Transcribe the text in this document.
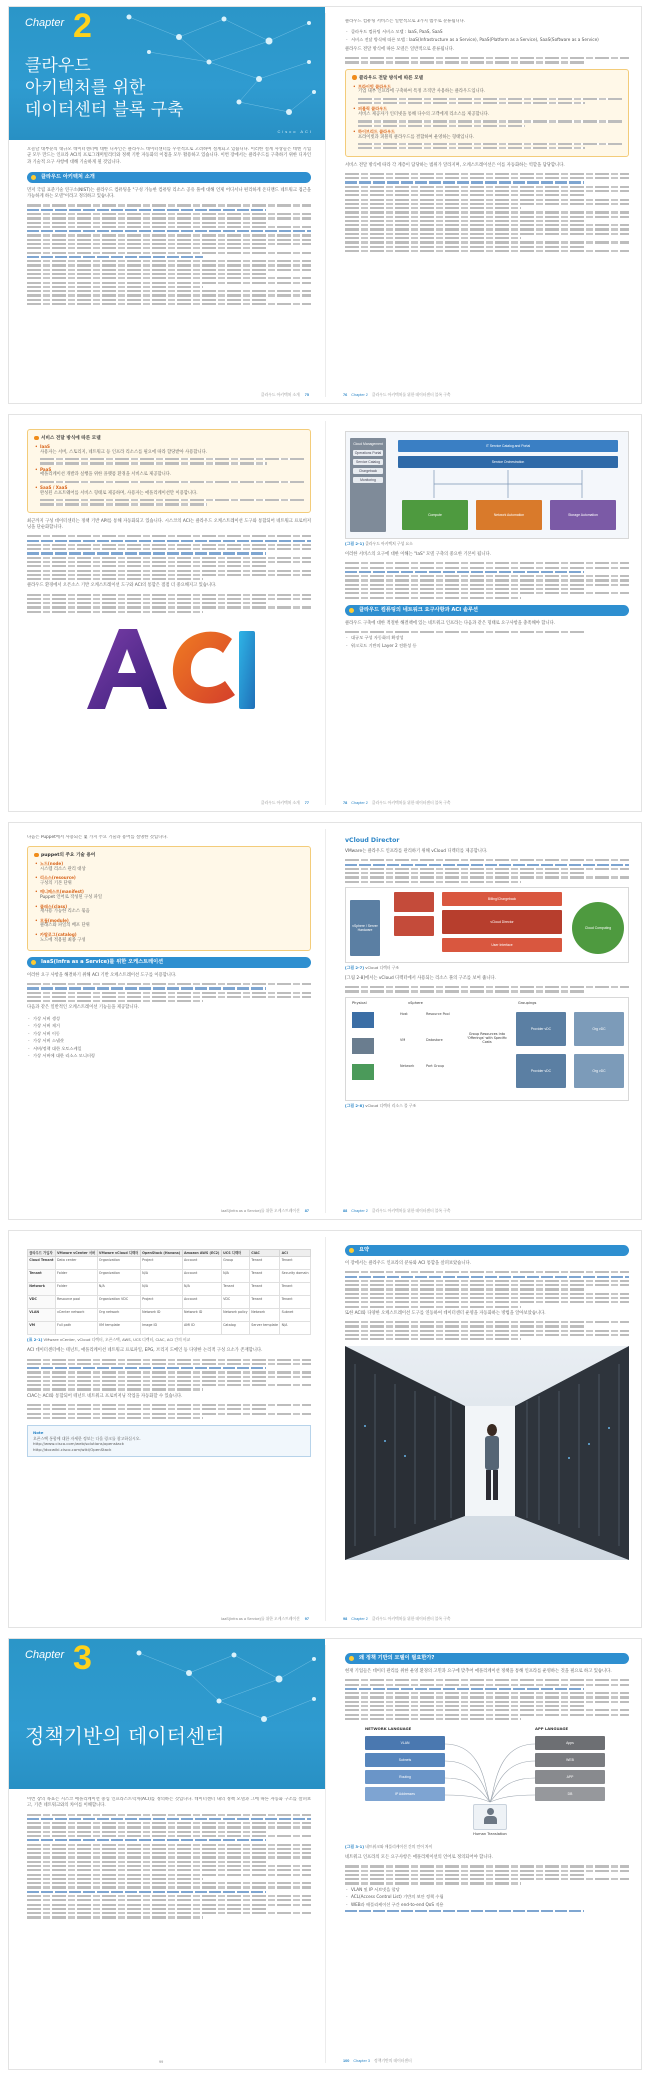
Chapter 2
클라우드
아키텍처를 위한
데이터센터 블록 구축
Cisco ACI
오늘날 대부분의 대규모 데이터센터에 대한 디자인은 클라우드 데이터센터를 우선적으로 고려하여 설계되고 있습니다. 이러한 설계 사상들은 데엔 기업군 모두 만드는 인프라 ACI의 프로그래머빌리티와 정책 기반 자동화의 이점을 모두 활용하고 있습니다. 이번 장에서는 클라우드를 구축하기 위한 디자인과 기술적 요구 사항에 대해 기술하게 될 것입니다.
클라우드 아키텍처 소개
먼저 국립 표준기술 연구소(NIST)는 클라우드 컴퓨팅을 "구성 가능한 컴퓨팅 리소스 공유 풀에 대해 언제 어디서나 편리하게 온디맨드 네트워크 접근을 가능하게 하는 모델"이라고 정의하고 있습니다.
클라우드 아키텍처 소개 75
클라우드 컴퓨팅 서비스는 일반적으로 3가지 범주로 분류됩니다.
- 클라우드 컴퓨팅 서비스 모델 : IaaS, PaaS, SaaS
- 서비스 전달 방식에 따른 모델 : IaaS(Infrastructure as a Service), PaaS(Platform as a Service), SaaS(Software as a Service)
클라우드 전달 방식에 따른 모델은 일반적으로 분류됩니다.
클라우드 전달 방식에 따른 모델
• 프라이빗 클라우드
기업 내부 인프라에 구축하여 특정 조직만 사용하는 클라우드입니다.
• 퍼블릭 클라우드
서비스 제공자가 인터넷을 통해 다수의 고객에게 리소스를 제공합니다.
• 하이브리드 클라우드
프라이빗과 퍼블릭 클라우드를 결합하여 운영하는 형태입니다.
서비스 전달 방식에 따라 각 계층이 담당하는 범위가 달라지며, 오케스트레이션은 이를 자동화하는 역할을 담당합니다.
76 Chapter 2 클라우드 아키텍처를 위한 데이터센터 블록 구축
서비스 전달 방식에 따른 모델
• IaaS
사용자는 서버, 스토리지, 네트워크 등 인프라 리소스를 필요에 따라 할당받아 사용합니다.
• PaaS
애플리케이션 개발과 실행을 위한 플랫폼 환경을 서비스로 제공합니다.
• SaaS / XaaS
완성된 소프트웨어를 서비스 형태로 제공하며, 사용자는 애플리케이션만 이용합니다.
최근까지 구성 데이터센터는 정책 기반 API를 통해 자동화되고 있습니다. 시스코의 ACI는 클라우드 오케스트레이션 도구와 통합되어 네트워크 프로비저닝을 단순화합니다.
클라우드 환경에서 오픈소스 기반 오케스트레이션 도구와 ACI의 통합은 점점 더 중요해지고 있습니다.
클라우드 아키텍처 소개 77
Cloud Management
Operations Portal
Service Catalog
Chargeback
Monitoring
IT Service Catalog and Portal
Service Orchestration
Compute	Network Automation	Storage Automation
[그림 2-1] 클라우드 아키텍처 구성 요소
이러한 서비스의 요구에 대한 이해는 "IaS" 모델 구축의 중요한 기본이 됩니다.
클라우드 컴퓨팅의 네트워크 요구사항과 ACI 솔루션
클라우드 구축에 대한 적절한 해결책에 있는 네트워크 인프라는 다음과 같은 형태로 요구사항을 충족해야 합니다.
- 대규모 구성 자동화의 확장성
- 워크로드 기반의 Layer 2 전환성 등
78 Chapter 2 클라우드 아키텍처를 위한 데이터센터 블록 구축
다음은 Puppet에서 사용되는 몇 가지 주요 기술과 용어를 설명한 것입니다.
puppet의 주요 기술 용어
• 노드(node)
시스템 리소스 관리 대상
• 리소스(resource)
구성의 기본 단위
• 매니페스트(manifest)
Puppet 언어로 작성된 구성 파일
• 클래스(class)
재사용 가능한 리소스 묶음
• 모듈(module)
클래스와 파일의 배포 단위
• 카탈로그(catalog)
노드에 적용될 최종 구성
IaaS(Infra as a Service)를 위한 오케스트레이션
이러한 요구 사항을 해결하기 위해 ACI 기반 오케스트레이션 도구를 이용합니다.
다음과 같은 일반적인 오케스트레이션 기능들을 제공합니다.
- 가상 서버 생성
- 가상 서버 제거
- 가상 서버 이동
- 가상 서버 스냅샷
- 서버/정책 대한 오토스케일
- 가상 서버에 대한 리소스 모니터링
IaaS(Infra as a Service)를 위한 오케스트레이션 87
vCloud Director
VMware는 클라우드 인프라를 관리하기 위해 vCloud 디렉터를 제공합니다.
vSphere / Server Hardware
Billing/Chargeback
vCloud Director
User Interface
Cloud Computing
[그림 2-7] vCloud 디렉터 구조
[그림 2-8]에서는 vCloud 디렉터에서 사용되는 리소스 풀의 구조를 보여 줍니다.
Physical	vSphere	Groupings
Host	Resource Pool
VM	Datastore
Network	Port Group
Group Resources into 'Offerings' with Specific Costs
Provider vDC
Provider vDC
Org vDC
Org vDC
[그림 2-8] vCloud 디렉터 리소스 풀 구조
88 Chapter 2 클라우드 아키텍처를 위한 데이터센터 블록 구축
클라우드 가입자	VMware vCenter 서버	VMware vCloud 디렉터	OpenStack (Havana)	Amazon AWS (EC2)	UCS 디렉터	CIAC	ACI
Cloud Tenant	Data center	Organization	Project	Account	Group	Tenant	Tenant
Tenant	Folder	Organization	N/A	Account	N/A	Tenant	Security domain
Network	Folder	N/A	N/A	N/A	Tenant	Tenant	Tenant
VDC	Resource pool	Organization VDC	Project	Account	VDC	Tenant	Tenant
VLAN	vCenter network	Org network	Network ID	Network ID	Network policy	Network	Subnet
VM	Full path	VM template	Image ID	AMI ID	Catalog	Server template	N/A
[표 2-1] VMware vCenter, vCloud 디렉터, 오픈스택, AWS, UCS 디렉터, CIAC, ACI 간의 비교
ACI 데이터센터에는 테넌트, 애플리케이션 네트워크 프로파일, EPG, 브리지 도메인 등 다양한 논리적 구성 요소가 존재합니다.
CIAC는 ACI와 통합되어 테넌트 네트워크 프로비저닝 작업을 자동화할 수 있습니다.
Note
오픈스택 통합에 대한 자세한 정보는 다음 링크를 참고하십시오.
http://www.cisco.com/web/solutions/openstack
http://docwiki.cisco.com/wiki/OpenStack
IaaS(Infra as a Service)를 위한 오케스트레이션 97
요약
이 장에서는 클라우드 인프라의 분류와 ACI 통합을 살펴보았습니다.
또한 ACI와 다양한 오케스트레이션 도구를 연동하여 데이터센터 운영을 자동화하는 방법을 알아보았습니다.
98 Chapter 2 클라우드 아키텍처를 위한 데이터센터 블록 구축
Chapter 3
정책기반의 데이터센터
이번 장의 목표는 시스코 애플리케이션 중심 인프라스트럭처(ACI)를 정의하는 것입니다. 데이터센터 내의 정책 모델과 그에 따른 자동화 구조를 살펴보고, 기존 네트워크와의 차이를 이해합니다.
99
왜 정책 기반의 모델이 필요한가?
현재 기업들은 데이터 관리를 위한 운영 환경의 고민과 요구에 맞추어 애플리케이션 정책을 통해 인프라를 운영하는 것을 필요로 하고 있습니다.
NETWORK LANGUAGE	APP LANGUAGE
VLAN
Subnets
Routing
IP Addresses
Apps
WEB
APP
DB
Human Translation
[그림 3-1] 네트워크와 애플리케이션 간의 언어 차이
네트워크 인프라의 모든 요구사항은 애플리케이션의 언어로 정의되어야 합니다.
- VLAN 및 IP 서브넷을 할당
- ACL(Access Control List) 기반의 보안 정책 수립
- WEB과 애플리케이션 구간 end-to-end QoS 적용
100 Chapter 3 정책기반의 데이터센터
